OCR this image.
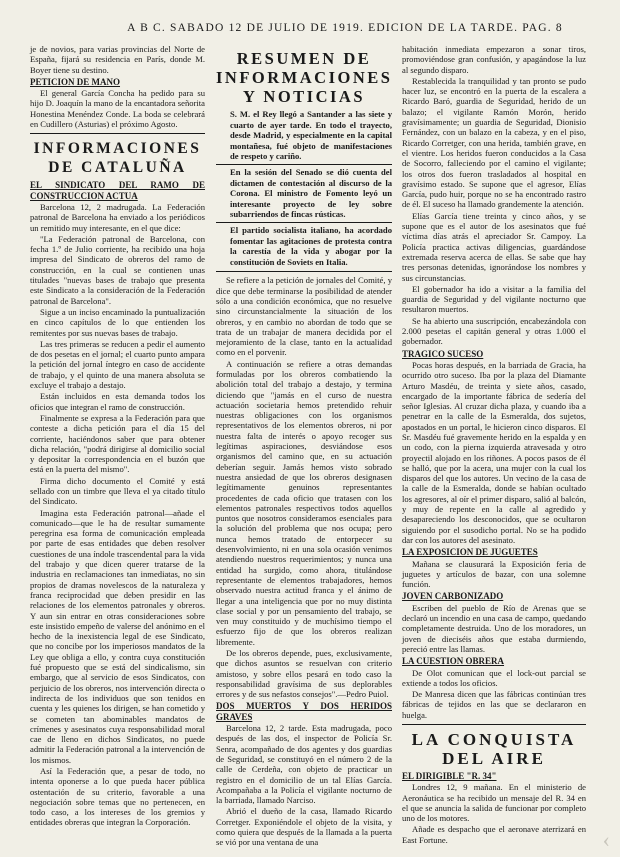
A B C. SABADO 12 DE JULIO DE 1919. EDICION DE LA TARDE. PAG. 8

je de novios, para varias provincias del Norte de España, fijará su residencia en París, donde M. Boyer tiene su destino.

PETICION DE MANO

El general García Concha ha pedido para su hijo D. Joaquín la mano de la encantadora señorita Honestina Menéndez Conde. La boda se celebrará en Cudillero (Asturias) el próximo Agosto.

INFORMACIONES DE CATALUÑA
EL SINDICATO DEL RAMO DE CONSTRUCCION ACTUA

Barcelona 12, 2 madrugada. La Federación patronal de Barcelona ha enviado a los periódicos un remitido muy interesante, en el que dice:

"La Federación patronal de Barcelona, con fecha 1.º de Julio corriente, ha recibido una hoja impresa del Sindicato de obreros del ramo de construcción, en la cual se contienen unas titulades "nuevas bases de trabajo que presenta este Sindicato a la consideración de la Federación patronal de Barcelona".

Sigue a un inciso encaminado la puntualización en cinco capítulos de lo que entienden los remitentes por sus nuevas bases de trabajo.

Las tres primeras se reducen a pedir el aumento de dos pesetas en el jornal; el cuarto punto ampara la petición del jornal íntegro en caso de accidente de trabajo, y el quinto de una manera absoluta se excluye el trabajo a destajo.

Están incluidos en esta demanda todos los oficios que integran el ramo de construcción.

Finalmente se expresa a la Federación para que conteste a dicha petición para el día 15 del corriente, haciéndonos saber que para obtener dicha relación, "podrá dirigirse al domicilio social y depositar la correspondencia en el buzón que está en la puerta del mismo".

Firma dicho documento el Comité y está sellado con un timbre que lleva el ya citado título del Sindicato.

Imagina esta Federación patronal—añade el comunicado—que le ha de resultar sumamente peregrina esa forma de comunicación empleada por parte de esas entidades que deben resolver cuestiones de una índole trascendental para la vida del trabajo y que dicen querer tratarse de la industria en reclamaciones tan inmediatas, no sin propios de dramas novelescos de la naturaleza y franca reciprocidad que deben presidir en las relaciones de los elementos patronales y obreros. Y aun sin entrar en otras consideraciones sobre este insistido empeño de valerse del anónimo en el hecho de la inexistencia legal de ese Sindicato, que no concibe por los imperiosos mandatos de la Ley que obliga a ello, y contra cuya constitución fué propuesto que se está del sindicalismo, sin embargo, que al servicio de esos Sindicatos, con perjuicio de los obreros, nos intervención directa o indirecta de los individuos que son tenidos en cuenta y les quienes los dirigen, se han cometido y se cometen tan abominables mandatos de crímenes y asesinatos cuya responsabilidad moral cae de lleno en dichos Sindicatos, no puede admitir la Federación patronal a la intervención de los mismos.

Así la Federación que, a pesar de todo, no intenta oponerse a lo que pueda hacer pública ostentación de su criterio, favorable a una negociación sobre temas que no pertenecen, en todo caso, a los intereses de los gremios y entidades obreras que integran la Corporación.

RESUMEN DE INFORMACIONES Y NOTICIAS

S. M. el Rey llegó a Santander a las siete y cuarto de ayer tarde. En todo el trayecto, desde Madrid, y especialmente en la capital montañesa, fué objeto de manifestaciones de respeto y cariño.

En la sesión del Senado se dió cuenta del dictamen de contestación al discurso de la Corona. El ministro de Fomento leyó un interesante proyecto de ley sobre subarriendos de fincas rústicas.

El partido socialista italiano, ha acordado fomentar las agitaciones de protesta contra la carestía de la vida y abogar por la constitución de Soviets en Italia.

Se refiere a la petición de jornales del Comité, y dice que debe terminarse la posibilidad de atender sólo a una condición económica, que no resuelve sino circunstancialmente la situación de los obreros, y en cambio no abordan de todo que se trata de un trabajar de manera decidida por el mejoramiento de la clase, tanto en la actualidad como en el porvenir.

A continuación se refiere a otras demandas formuladas por los obreros combatiendo la abolición total del trabajo a destajo, y termina diciendo que "jamás en el curso de nuestra actuación societaria hemos pretendido rehuir nuestras obligaciones con los organismos representativos de los elementos obreros, ni por nuestra falta de interés o apoyo recoger sus legítimas aspiraciones, desviándose esos organismos del camino que, en su actuación deberían seguir. Jamás hemos visto sobrado nuestra ansiedad de que los obreros designasen legítimamente genuinos representantes procedentes de cada oficio que tratasen con los elementos patronales respectivos todos aquellos puntos que nosotros consideramos esenciales para la solución del problema que nos ocupa; pero nunca hemos tratado de entorpecer su desenvolvimiento, ni en una sola ocasión venimos atendiendo nuestros requerimientos; y nunca una entidad ha surgido, como ahora, titulándose representante de elementos trabajadores, hemos observado nuestra actitud franca y el ánimo de llegar a una inteligencia que por no muy distinta clase social y por un pensamiento del trabajo, se ven muy constituido y de muchísimo tiempo el esfuerzo fijo de que los obreros realizan libremente.

De los obreros depende, pues, exclusivamente, que dichos asuntos se resuelvan con criterio amistoso, y sobre ellos pesará en todo caso la responsabilidad gravísima de sus deplorables errores y de sus nefastos consejos".—Pedro Puiol.

DOS MUERTOS Y DOS HERIDOS GRAVES

Barcelona 12, 2 tarde. Esta madrugada, poco después de las dos, el inspector de Policía Sr. Senra, acompañado de dos agentes y dos guardias de Seguridad, se constituyó en el número 2 de la calle de Cerdeña, con objeto de practicar un registro en el domicilio de un tal Elías García. Acompañaba a la Policía el vigilante nocturno de la barriada, llamado Narciso.

Abrió el dueño de la casa, llamado Ricardo Corretger. Exponiéndole el objeto de la visita, y como quiera que después de la llamada a la puerta se vió por una ventana de una

habitación inmediata empezaron a sonar tiros, promoviéndose gran confusión, y apagándose la luz al segundo disparo.

Restablecida la tranquilidad y tan pronto se pudo hacer luz, se encontró en la puerta de la escalera a Ricardo Baró, guardia de Seguridad, herido de un balazo; el vigilante Ramón Morón, herido gravísimamente; un guardia de Seguridad, Dionisio Fernández, con un balazo en la cabeza, y en el piso, Ricardo Corretger, con una herida, también grave, en el vientre. Los heridos fueron conducidos a la Casa de Socorro, falleciendo por el camino el vigilante; los otros dos fueron trasladados al hospital en gravísimo estado. Se supone que el agresor, Elías García, pudo huir, porque no se ha encontrado rastro de él. El suceso ha llamado grandemente la atención.

Elías García tiene treinta y cinco años, y se supone que es el autor de los asesinatos que fué víctima días atrás el apreciador Sr. Campoy. La Policía practica activas diligencias, guardándose extremada reserva acerca de ellas. Se sabe que hay tres personas detenidas, ignorándose los nombres y sus circunstancias.

El gobernador ha ido a visitar a la familia del guardia de Seguridad y del vigilante nocturno que resultaron muertos.

Se ha abierto una suscripción, encabezándola con 2.000 pesetas el capitán general y otras 1.000 el gobernador.

TRAGICO SUCESO

Pocas horas después, en la barriada de Gracia, ha ocurrido otro suceso. Iba por la plaza del Diamante Arturo Masdéu, de treinta y siete años, casado, encargado de la importante fábrica de sedería del señor Iglesias. Al cruzar dicha plaza, y cuando iba a penetrar en la calle de la Esmeralda, dos sujetos, apostados en un portal, le hicieron cinco disparos. El Sr. Masdéu fué gravemente herido en la espalda y en un codo, con la pierna izquierda atravesada y otro proyectil alojado en los riñones. A pocos pasos de él se halló, que por la acera, una mujer con la cual los disparos del que los autores. Un vecino de la casa de la calle de la Esmeralda, donde se habían ocultado los agresores, al oír el primer disparo, salió al balcón, y muy de repente en la calle al agredido y desapareciendo los desconocidos, que se ocultaron siguiendo por el susodicho portal. No se ha podido dar con los autores del asesinato.

LA EXPOSICION DE JUGUETES

Mañana se clausurará la Exposición feria de juguetes y artículos de bazar, con una solemne función.

JOVEN CARBONIZADO

Escriben del pueblo de Río de Arenas que se declaró un incendio en una casa de campo, quedando completamente destruida. Uno de los moradores, un joven de dieciséis años que estaba durmiendo, pereció entre las llamas.

LA CUESTION OBRERA

De Olot comunican que el lock-out parcial se extiende a todos los oficios.

De Manresa dicen que las fábricas continúan tres fábricas de tejidos en las que se declararon en huelga.

LA CONQUISTA DEL AIRE
EL DIRIGIBLE "R. 34"

Londres 12, 9 mañana. En el ministerio de Aeronáutica se ha recibido un mensaje del R. 34 en el que se anuncia la salida de funcionar por completo uno de los motores.

Añade es despacho que el aeronave aterrizará en East Fortune.	‹
